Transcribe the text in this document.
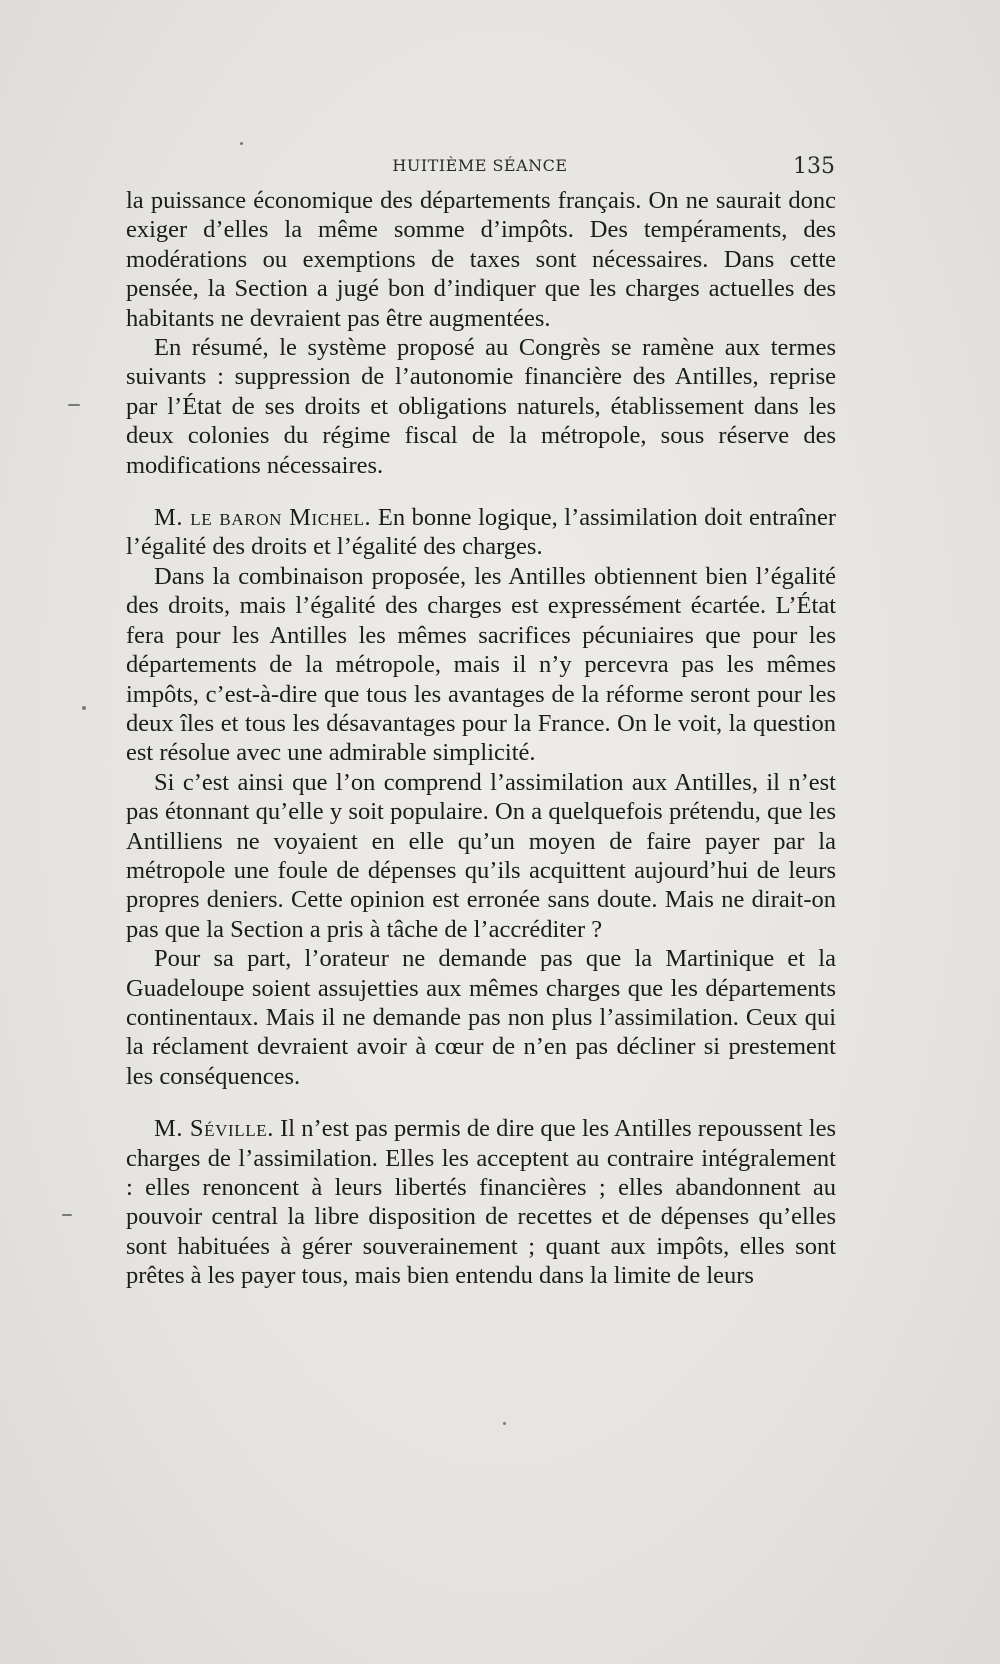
HUITIÈME SÉANCE	135

la puissance économique des départements français. On ne saurait donc exiger d’elles la même somme d’impôts. Des tempéraments, des modérations ou exemptions de taxes sont nécessaires. Dans cette pensée, la Section a jugé bon d’indiquer que les charges actuelles des habitants ne devraient pas être augmentées.

En résumé, le système proposé au Congrès se ramène aux termes suivants : suppression de l’autonomie financière des Antilles, reprise par l’État de ses droits et obligations naturels, établissement dans les deux colonies du régime fiscal de la métropole, sous réserve des modifications nécessaires.

M. le baron Michel. En bonne logique, l’assimilation doit entraîner l’égalité des droits et l’égalité des charges.

Dans la combinaison proposée, les Antilles obtiennent bien l’égalité des droits, mais l’égalité des charges est expressément écartée. L’État fera pour les Antilles les mêmes sacrifices pécuniaires que pour les départements de la métropole, mais il n’y percevra pas les mêmes impôts, c’est-à-dire que tous les avantages de la réforme seront pour les deux îles et tous les désavantages pour la France. On le voit, la question est résolue avec une admirable simplicité.

Si c’est ainsi que l’on comprend l’assimilation aux Antilles, il n’est pas étonnant qu’elle y soit populaire. On a quelquefois prétendu, que les Antilliens ne voyaient en elle qu’un moyen de faire payer par la métropole une foule de dépenses qu’ils acquittent aujourd’hui de leurs propres deniers. Cette opinion est erronée sans doute. Mais ne dirait-on pas que la Section a pris à tâche de l’accréditer ?

Pour sa part, l’orateur ne demande pas que la Martinique et la Guadeloupe soient assujetties aux mêmes charges que les départements continentaux. Mais il ne demande pas non plus l’assimilation. Ceux qui la réclament devraient avoir à cœur de n’en pas décliner si prestement les conséquences.

M. Séville. Il n’est pas permis de dire que les Antilles repoussent les charges de l’assimilation. Elles les acceptent au contraire intégralement : elles renoncent à leurs libertés financières ; elles abandonnent au pouvoir central la libre disposition de recettes et de dépenses qu’elles sont habituées à gérer souverainement ; quant aux impôts, elles sont prêtes à les payer tous, mais bien entendu dans la limite de leurs
